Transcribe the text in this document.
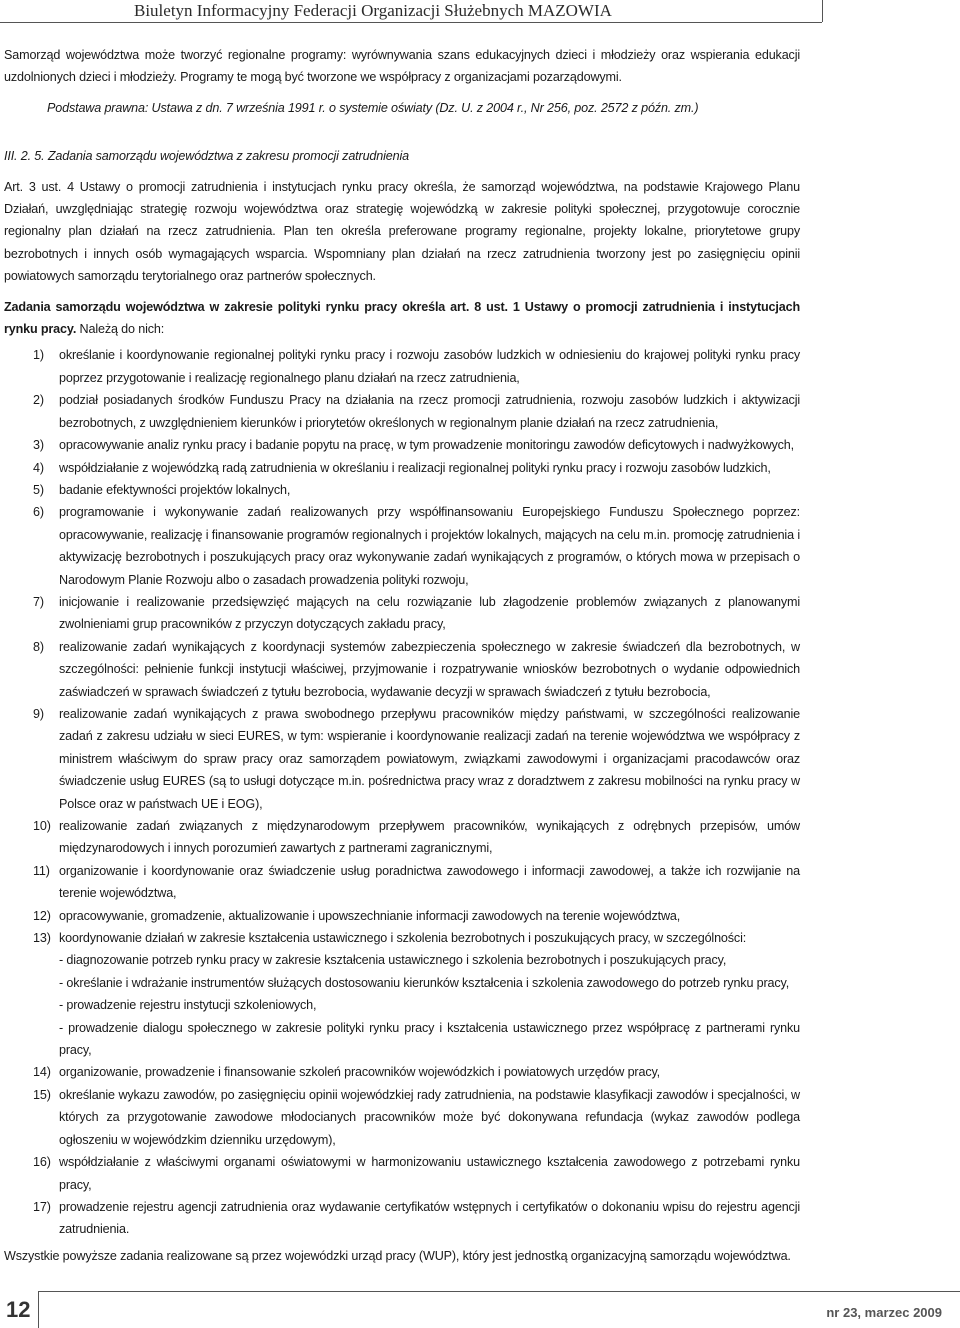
Biuletyn Informacyjny Federacji Organizacji Służebnych MAZOWIA

Samorząd województwa może tworzyć regionalne programy: wyrównywania szans edukacyjnych dzieci i młodzieży oraz wspierania edukacji uzdolnionych dzieci i młodzieży. Programy te mogą być tworzone we współpracy z organizacjami pozarządowymi.

Podstawa prawna: Ustawa z dn. 7 września 1991 r. o systemie oświaty (Dz. U. z 2004 r., Nr 256, poz. 2572 z późn. zm.)

III. 2. 5. Zadania samorządu województwa z zakresu promocji zatrudnienia

Art. 3 ust. 4 Ustawy o promocji zatrudnienia i instytucjach rynku pracy określa, że samorząd województwa, na podstawie Krajowego Planu Działań, uwzględniając strategię rozwoju województwa oraz strategię wojewódzką w zakresie polityki społecznej, przygotowuje corocznie regionalny plan działań na rzecz zatrudnienia. Plan ten określa preferowane programy regionalne, projekty lokalne, priorytetowe grupy bezrobotnych i innych osób wymagających wsparcia. Wspomniany plan działań na rzecz zatrudnienia tworzony jest po zasięgnięciu opinii powiatowych samorządu terytorialnego oraz partnerów społecznych.

Zadania samorządu województwa w zakresie polityki rynku pracy określa art. 8 ust. 1 Ustawy o promocji zatrudnienia i instytucjach rynku pracy. Należą do nich:

1) określanie i koordynowanie regionalnej polityki rynku pracy i rozwoju zasobów ludzkich w odniesieniu do krajowej polityki rynku pracy poprzez przygotowanie i realizację regionalnego planu działań na rzecz zatrudnienia,
2) podział posiadanych środków Funduszu Pracy na działania na rzecz promocji zatrudnienia, rozwoju zasobów ludzkich i aktywizacji bezrobotnych, z uwzględnieniem kierunków i priorytetów określonych w regionalnym planie działań na rzecz zatrudnienia,
3) opracowywanie analiz rynku pracy i badanie popytu na pracę, w tym prowadzenie monitoringu zawodów deficytowych i nadwyżkowych,
4) współdziałanie z wojewódzką radą zatrudnienia w określaniu i realizacji regionalnej polityki rynku pracy i rozwoju zasobów ludzkich,
5) badanie efektywności projektów lokalnych,
6) programowanie i wykonywanie zadań realizowanych przy współfinansowaniu Europejskiego Funduszu Społecznego poprzez: opracowywanie, realizację i finansowanie programów regionalnych i projektów lokalnych, mających na celu m.in. promocję zatrudnienia i aktywizację bezrobotnych i poszukujących pracy oraz wykonywanie zadań wynikających z programów, o których mowa w przepisach o Narodowym Planie Rozwoju albo o zasadach prowadzenia polityki rozwoju,
7) inicjowanie i realizowanie przedsięwzięć mających na celu rozwiązanie lub złagodzenie problemów związanych z planowanymi zwolnieniami grup pracowników z przyczyn dotyczących zakładu pracy,
8) realizowanie zadań wynikających z koordynacji systemów zabezpieczenia społecznego w zakresie świadczeń dla bezrobotnych, w szczególności: pełnienie funkcji instytucji właściwej, przyjmowanie i rozpatrywanie wniosków bezrobotnych o wydanie odpowiednich zaświadczeń w sprawach świadczeń z tytułu bezrobocia, wydawanie decyzji w sprawach świadczeń z tytułu bezrobocia,
9) realizowanie zadań wynikających z prawa swobodnego przepływu pracowników między państwami, w szczególności realizowanie zadań z zakresu udziału w sieci EURES, w tym: wspieranie i koordynowanie realizacji zadań na terenie województwa we współpracy z ministrem właściwym do spraw pracy oraz samorządem powiatowym, związkami zawodowymi i organizacjami pracodawców oraz świadczenie usług EURES (są to usługi dotyczące m.in. pośrednictwa pracy wraz z doradztwem z zakresu mobilności na rynku pracy w Polsce oraz w państwach UE i EOG),
10) realizowanie zadań związanych z międzynarodowym przepływem pracowników, wynikających z odrębnych przepisów, umów międzynarodowych i innych porozumień zawartych z partnerami zagranicznymi,
11) organizowanie i koordynowanie oraz świadczenie usług poradnictwa zawodowego i informacji zawodowej, a także ich rozwijanie na terenie województwa,
12) opracowywanie, gromadzenie, aktualizowanie i upowszechnianie informacji zawodowych na terenie województwa,
13) koordynowanie działań w zakresie kształcenia ustawicznego i szkolenia bezrobotnych i poszukujących pracy, w szczególności:
- diagnozowanie potrzeb rynku pracy w zakresie kształcenia ustawicznego i szkolenia bezrobotnych i poszukujących pracy,
- określanie i wdrażanie instrumentów służących dostosowaniu kierunków kształcenia i szkolenia zawodowego do potrzeb rynku pracy,
- prowadzenie rejestru instytucji szkoleniowych,
- prowadzenie dialogu społecznego w zakresie polityki rynku pracy i kształcenia ustawicznego przez współpracę z partnerami rynku pracy,
14) organizowanie, prowadzenie i finansowanie szkoleń pracowników wojewódzkich i powiatowych urzędów pracy,
15) określanie wykazu zawodów, po zasięgnięciu opinii wojewódzkiej rady zatrudnienia, na podstawie klasyfikacji zawodów i specjalności, w których za przygotowanie zawodowe młodocianych pracowników może być dokonywana refundacja (wykaz zawodów podlega ogłoszeniu w wojewódzkim dzienniku urzędowym),
16) współdziałanie z właściwymi organami oświatowymi w harmonizowaniu ustawicznego kształcenia zawodowego z potrzebami rynku pracy,
17) prowadzenie rejestru agencji zatrudnienia oraz wydawanie certyfikatów wstępnych i certyfikatów o dokonaniu wpisu do rejestru agencji zatrudnienia.

Wszystkie powyższe zadania realizowane są przez wojewódzki urząd pracy (WUP), który jest jednostką organizacyjną samorządu województwa.

12	nr 23, marzec 2009
